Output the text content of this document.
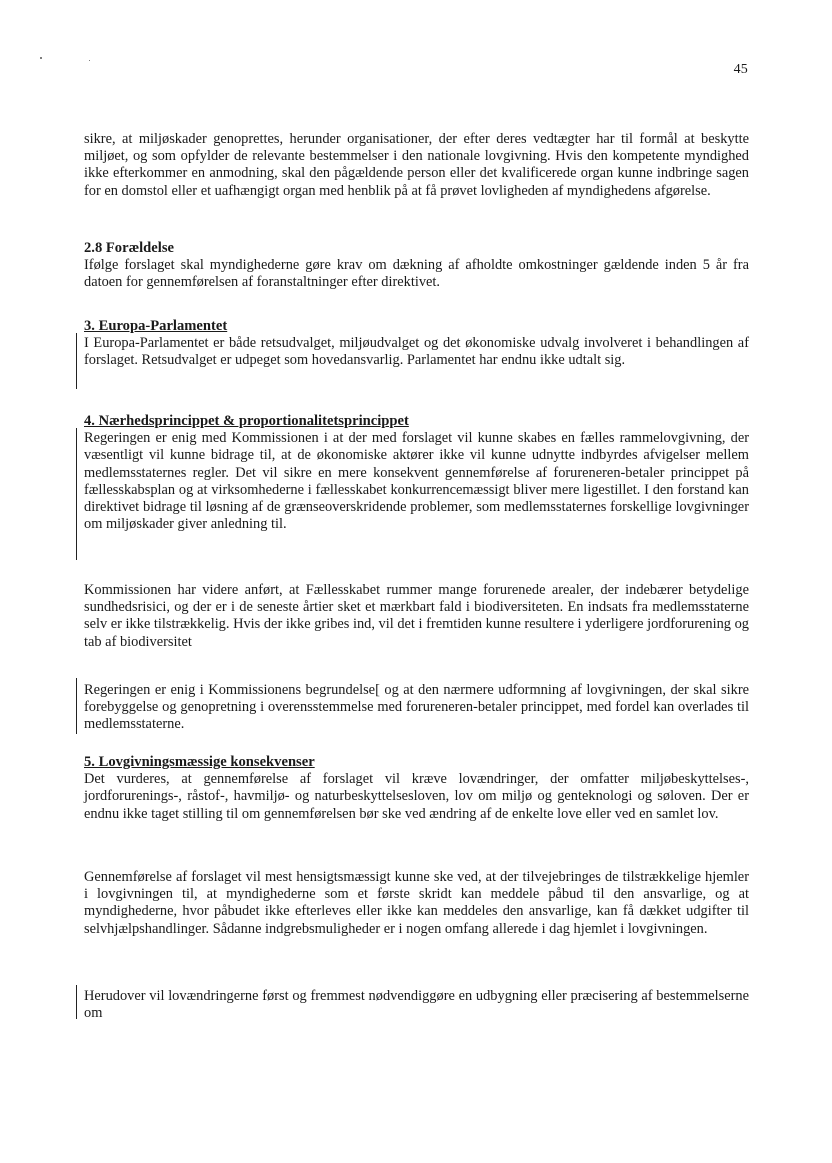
45

sikre, at miljøskader genoprettes, herunder organisationer, der efter deres vedtægter har til formål at beskytte miljøet, og som opfylder de relevante bestemmelser i den nationale lovgivning. Hvis den kompetente myndighed ikke efterkommer en anmodning, skal den pågældende person eller det kvalificerede organ kunne indbringe sagen for en domstol eller et uafhængigt organ med henblik på at få prøvet lovligheden af myndighedens afgørelse.

2.8 Forældelse

Ifølge forslaget skal myndighederne gøre krav om dækning af afholdte omkostninger gældende inden 5 år fra datoen for gennemførelsen af foranstaltninger efter direktivet.

3. Europa-Parlamentet

I Europa-Parlamentet er både retsudvalget, miljøudvalget og det økonomiske udvalg involveret i behandlingen af forslaget. Retsudvalget er udpeget som hovedansvarlig. Parlamentet har endnu ikke udtalt sig.

4. Nærhedsprincippet & proportionalitetsprincippet

Regeringen er enig med Kommissionen i at der med forslaget vil kunne skabes en fælles rammelovgivning, der væsentligt vil kunne bidrage til, at de økonomiske aktører ikke vil kunne udnytte indbyrdes afvigelser mellem medlemsstaternes regler. Det vil sikre en mere konsekvent gennemførelse af forureneren-betaler princippet på fællesskabsplan og at virksomhederne i fællesskabet konkurrencemæssigt bliver mere ligestillet. I den forstand kan direktivet bidrage til løsning af de grænseoverskridende problemer, som medlemsstaternes forskellige lovgivninger om miljøskader giver anledning til.

Kommissionen har videre anført, at Fællesskabet rummer mange forurenede arealer, der indebærer betydelige sundhedsrisici, og der er i de seneste årtier sket et mærkbart fald i biodiversiteten. En indsats fra medlemsstaterne selv er ikke tilstrækkelig. Hvis der ikke gribes ind, vil det i fremtiden kunne resultere i yderligere jordforurening og tab af biodiversitet

Regeringen er enig i Kommissionens begrundelse[ og at den nærmere udformning af lovgivningen, der skal sikre forebyggelse og genopretning i overensstemmelse med forureneren-betaler princippet, med fordel kan overlades til medlemsstaterne.

5. Lovgivningsmæssige konsekvenser

Det vurderes, at gennemførelse af forslaget vil kræve lovændringer, der omfatter miljøbeskyttelses-, jordforurenings-, råstof-, havmiljø- og naturbeskyttelsesloven, lov om miljø og genteknologi og søloven. Der er endnu ikke taget stilling til om gennemførelsen bør ske ved ændring af de enkelte love eller ved en samlet lov.

Gennemførelse af forslaget vil mest hensigtsmæssigt kunne ske ved, at der tilvejebringes de tilstrækkelige hjemler i lovgivningen til, at myndighederne som et første skridt kan meddele påbud til den ansvarlige, og at myndighederne, hvor påbudet ikke efterleves eller ikke kan meddeles den ansvarlige, kan få dækket udgifter til selvhjælpshandlinger. Sådanne indgrebsmuligheder er i nogen omfang allerede i dag hjemlet i lovgivningen.

Herudover vil lovændringerne først og fremmest nødvendiggøre en udbygning eller præcisering af bestemmelserne om
